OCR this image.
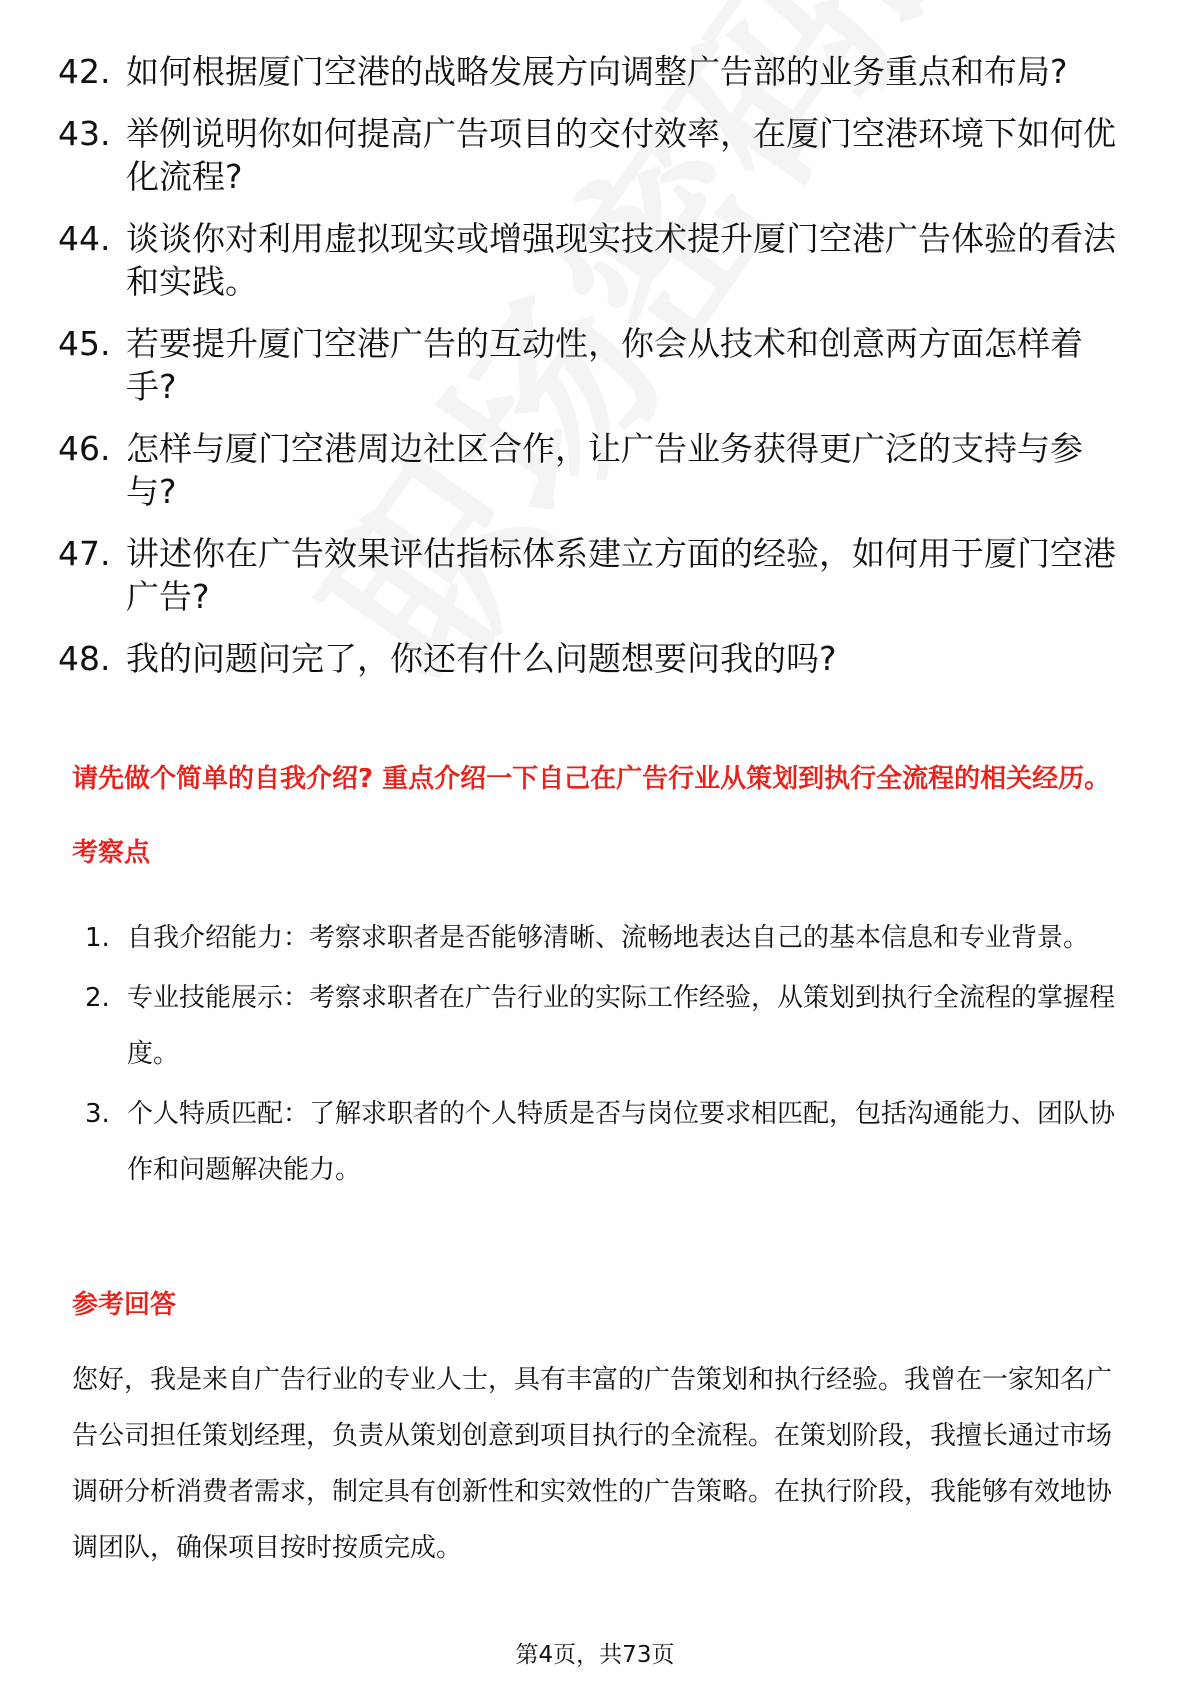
42. 如何根据厦门空港的战略发展方向调整广告部的业务重点和布局?
43. 举例说明你如何提高广告项目的交付效率，在厦门空港环境下如何优化流程?
44. 谈谈你对利用虚拟现实或增强现实技术提升厦门空港广告体验的看法和实践。
45. 若要提升厦门空港广告的互动性，你会从技术和创意两方面怎样着手?
46. 怎样与厦门空港周边社区合作，让广告业务获得更广泛的支持与参与?
47. 讲述你在广告效果评估指标体系建立方面的经验，如何用于厦门空港广告?
48. 我的问题问完了，你还有什么问题想要问我的吗?
请先做个简单的自我介绍? 重点介绍一下自己在广告行业从策划到执行全流程的相关经历。
考察点
1. 自我介绍能力：考察求职者是否能够清晰、流畅地表达自己的基本信息和专业背景。
2. 专业技能展示：考察求职者在广告行业的实际工作经验，从策划到执行全流程的掌握程度。
3. 个人特质匹配：了解求职者的个人特质是否与岗位要求相匹配，包括沟通能力、团队协作和问题解决能力。
参考回答
您好，我是来自广告行业的专业人士，具有丰富的广告策划和执行经验。我曾在一家知名广告公司担任策划经理，负责从策划创意到项目执行的全流程。在策划阶段，我擅长通过市场调研分析消费者需求，制定具有创新性和实效性的广告策略。在执行阶段，我能够有效地协调团队，确保项目按时按质完成。
第4页，共73页
